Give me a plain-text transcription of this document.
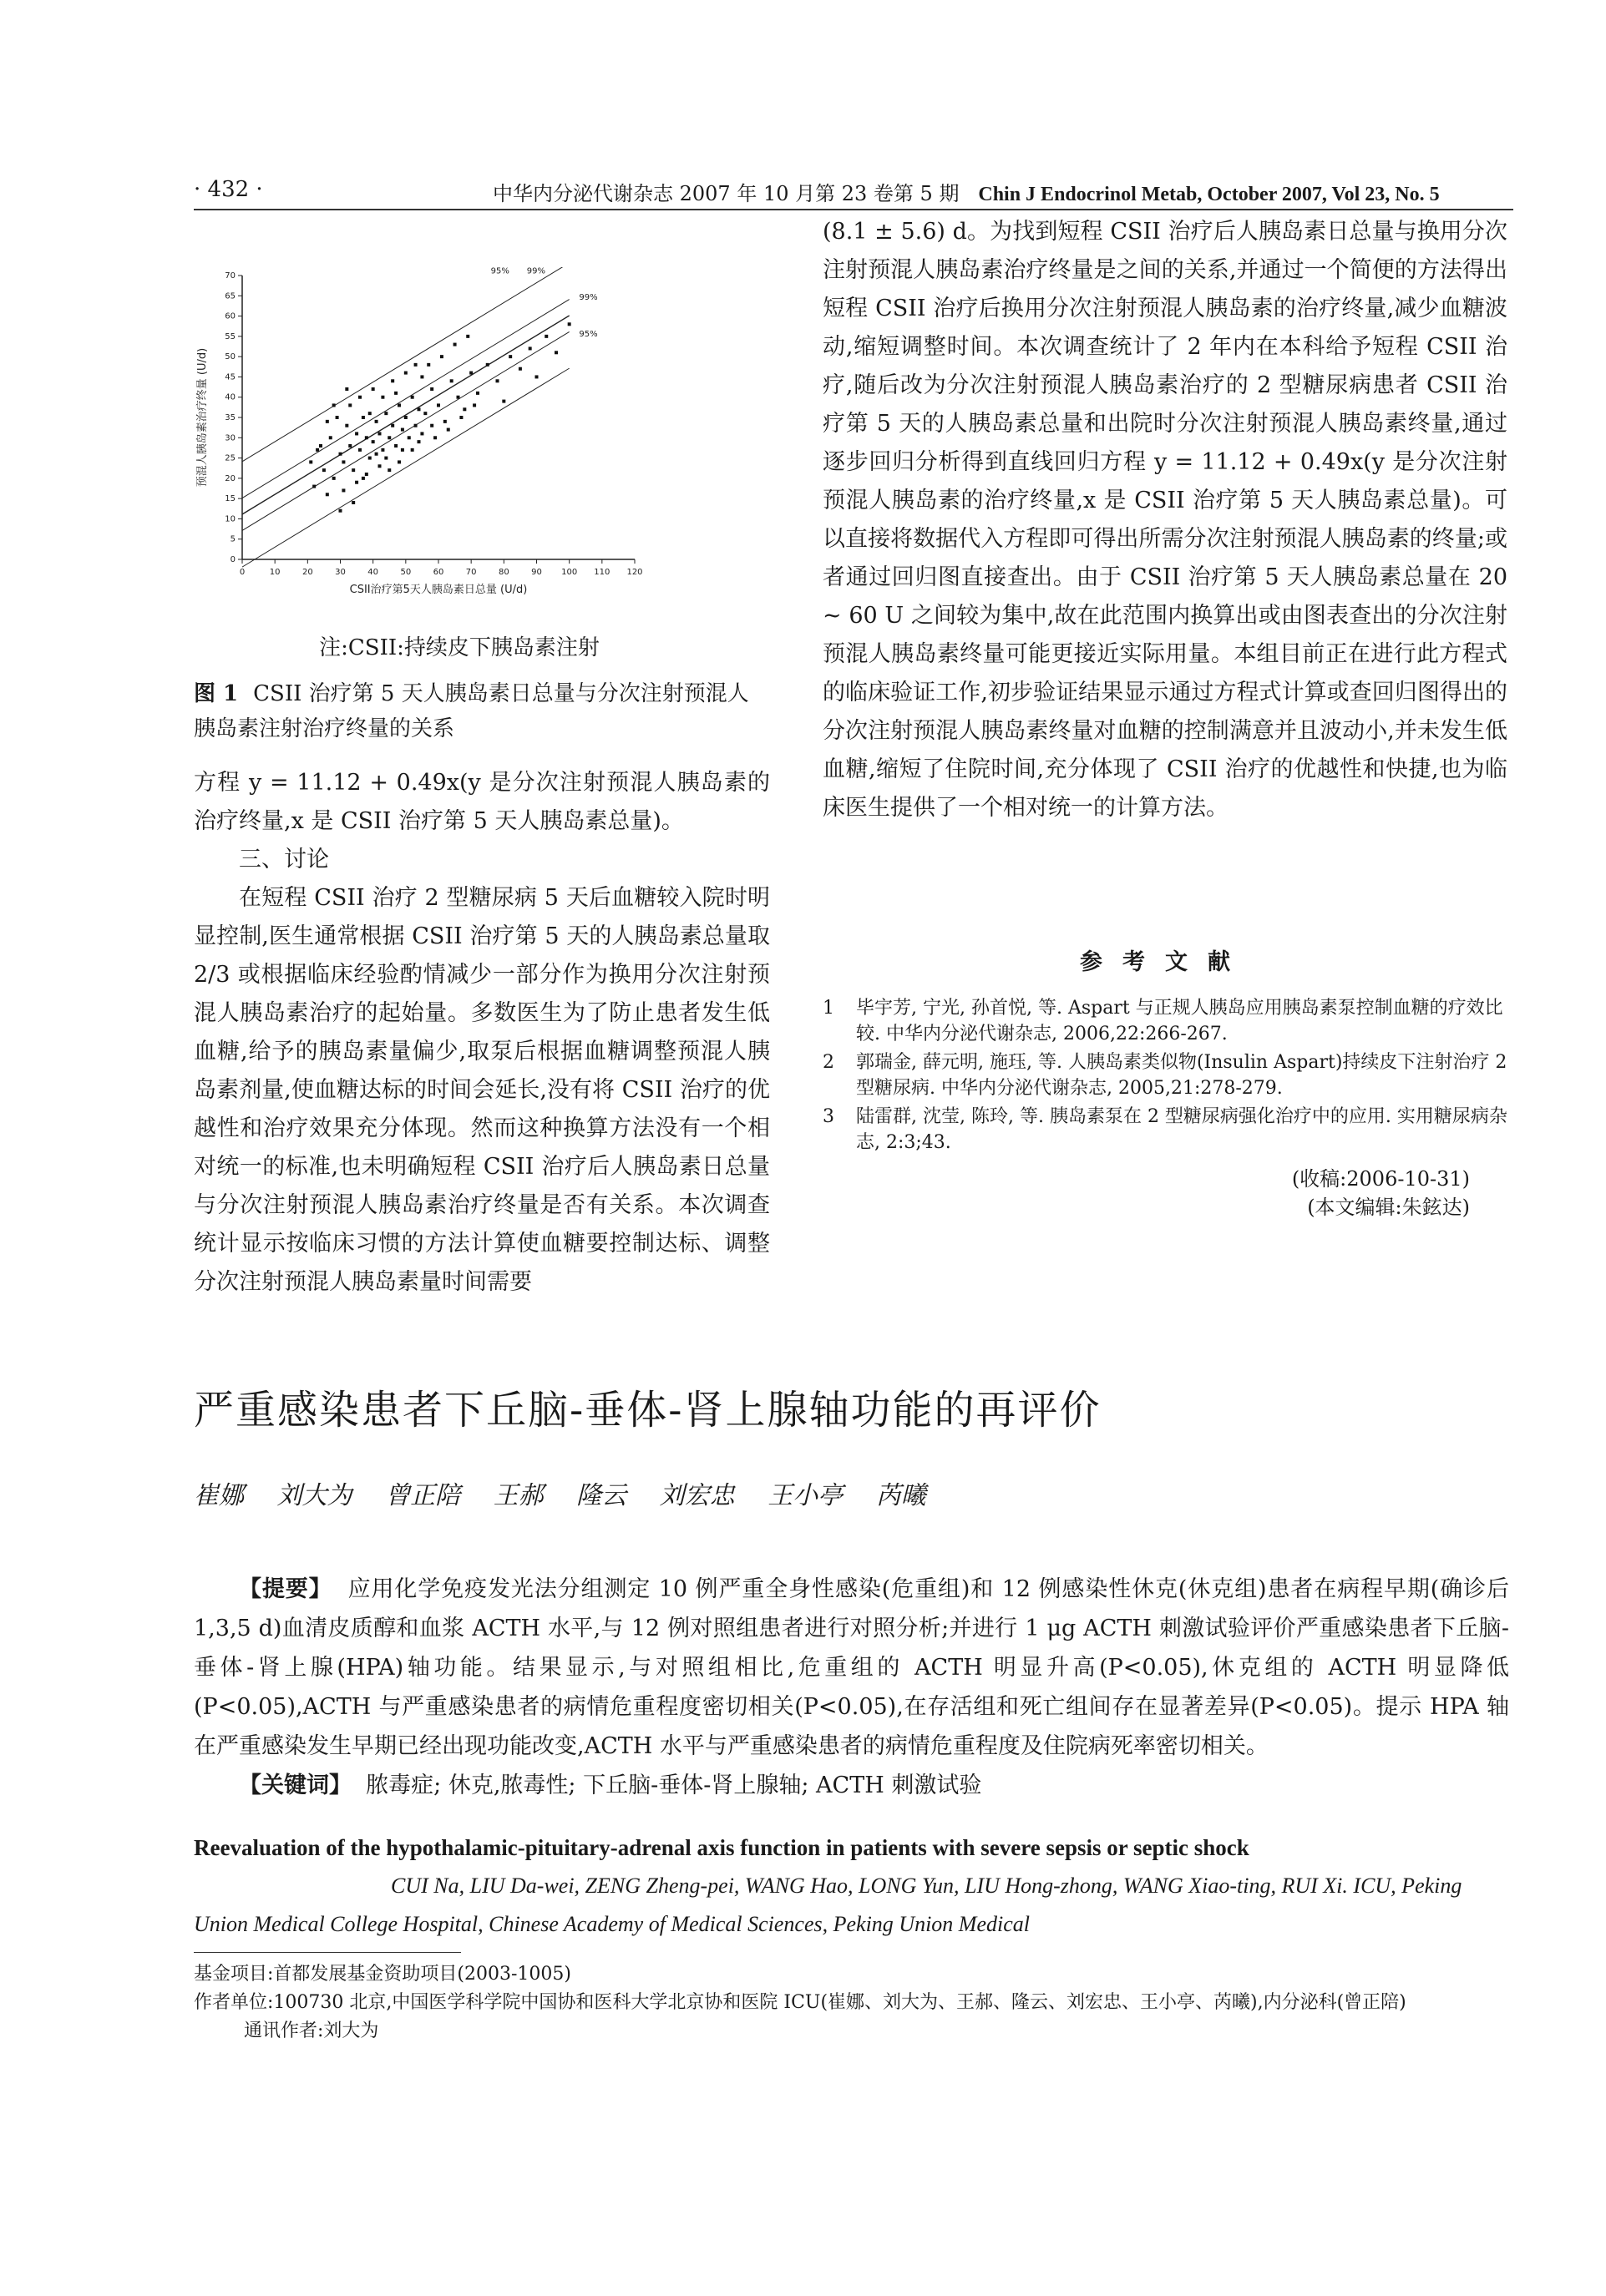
· 432 ·	中华内分泌代谢杂志 2007 年 10 月第 23 卷第 5 期 Chin J Endocrinol Metab, October 2007, Vol 23, No. 5
0	10	20	30	40	50	60	70	80	90 100 110 120
0
5
10
15
20
25
30
35
40
45
50
55
60
65
70	95% 99%
99%
95%
CSII治疗第5天人胰岛素日总量 (U/d)
预混人胰岛素治疗终量 (U/d)
注:CSII:持续皮下胰岛素注射
图 1 CSII 治疗第 5 天人胰岛素日总量与分次注射预混人胰岛素注射治疗终量的关系

方程 y = 11.12 + 0.49x(y 是分次注射预混人胰岛素的治疗终量,x 是 CSII 治疗第 5 天人胰岛素总量)。

三、讨论

在短程 CSII 治疗 2 型糖尿病 5 天后血糖较入院时明显控制,医生通常根据 CSII 治疗第 5 天的人胰岛素总量取 2/3 或根据临床经验酌情减少一部分作为换用分次注射预混人胰岛素治疗的起始量。多数医生为了防止患者发生低血糖,给予的胰岛素量偏少,取泵后根据血糖调整预混人胰岛素剂量,使血糖达标的时间会延长,没有将 CSII 治疗的优越性和治疗效果充分体现。然而这种换算方法没有一个相对统一的标准,也未明确短程 CSII 治疗后人胰岛素日总量与分次注射预混人胰岛素治疗终量是否有关系。本次调查统计显示按临床习惯的方法计算使血糖要控制达标、调整分次注射预混人胰岛素量时间需要

(8.1 ± 5.6) d。为找到短程 CSII 治疗后人胰岛素日总量与换用分次注射预混人胰岛素治疗终量是之间的关系,并通过一个简便的方法得出短程 CSII 治疗后换用分次注射预混人胰岛素的治疗终量,减少血糖波动,缩短调整时间。本次调查统计了 2 年内在本科给予短程 CSII 治疗,随后改为分次注射预混人胰岛素治疗的 2 型糖尿病患者 CSII 治疗第 5 天的人胰岛素总量和出院时分次注射预混人胰岛素终量,通过逐步回归分析得到直线回归方程 y = 11.12 + 0.49x(y 是分次注射预混人胰岛素的治疗终量,x 是 CSII 治疗第 5 天人胰岛素总量)。可以直接将数据代入方程即可得出所需分次注射预混人胰岛素的终量;或者通过回归图直接查出。由于 CSII 治疗第 5 天人胰岛素总量在 20 ~ 60 U 之间较为集中,故在此范围内换算出或由图表查出的分次注射预混人胰岛素终量可能更接近实际用量。本组目前正在进行此方程式的临床验证工作,初步验证结果显示通过方程式计算或查回归图得出的分次注射预混人胰岛素终量对血糖的控制满意并且波动小,并未发生低血糖,缩短了住院时间,充分体现了 CSII 治疗的优越性和快捷,也为临床医生提供了一个相对统一的计算方法。

参考文献
1	毕宇芳, 宁光, 孙首悦, 等. Aspart 与正规人胰岛应用胰岛素泵控制血糖的疗效比较. 中华内分泌代谢杂志, 2006,22:266-267.
2	郭瑞金, 薛元明, 施珏, 等. 人胰岛素类似物(Insulin Aspart)持续皮下注射治疗 2 型糖尿病. 中华内分泌代谢杂志, 2005,21:278-279.
3	陆雷群, 沈莹, 陈玲, 等. 胰岛素泵在 2 型糖尿病强化治疗中的应用. 实用糖尿病杂志, 2:3;43.
(收稿:2006-10-31)
(本文编辑:朱鉉达)
严重感染患者下丘脑-垂体-肾上腺轴功能的再评价
崔娜 刘大为 曾正陪 王郝 隆云 刘宏忠 王小亭 芮曦

【提要】 应用化学免疫发光法分组测定 10 例严重全身性感染(危重组)和 12 例感染性休克(休克组)患者在病程早期(确诊后 1,3,5 d)血清皮质醇和血浆 ACTH 水平,与 12 例对照组患者进行对照分析;并进行 1 μg ACTH 刺激试验评价严重感染患者下丘脑-垂体-肾上腺(HPA)轴功能。结果显示,与对照组相比,危重组的 ACTH 明显升高(P<0.05),休克组的 ACTH 明显降低(P<0.05),ACTH 与严重感染患者的病情危重程度密切相关(P<0.05),在存活组和死亡组间存在显著差异(P<0.05)。提示 HPA 轴在严重感染发生早期已经出现功能改变,ACTH 水平与严重感染患者的病情危重程度及住院病死率密切相关。

【关键词】 脓毒症; 休克,脓毒性; 下丘脑-垂体-肾上腺轴; ACTH 刺激试验

Reevaluation of the hypothalamic-pituitary-adrenal axis function in patients with severe sepsis or septic shock
CUI Na, LIU Da-wei, ZENG Zheng-pei, WANG Hao, LONG Yun, LIU Hong-zhong, WANG Xiao-ting, RUI Xi. ICU, Peking Union Medical College Hospital, Chinese Academy of Medical Sciences, Peking Union Medical

基金项目:首都发展基金资助项目(2003-1005)

作者单位:100730 北京,中国医学科学院中国协和医科大学北京协和医院 ICU(崔娜、刘大为、王郝、隆云、刘宏忠、王小亭、芮曦),内分泌科(曾正陪)

通讯作者:刘大为
